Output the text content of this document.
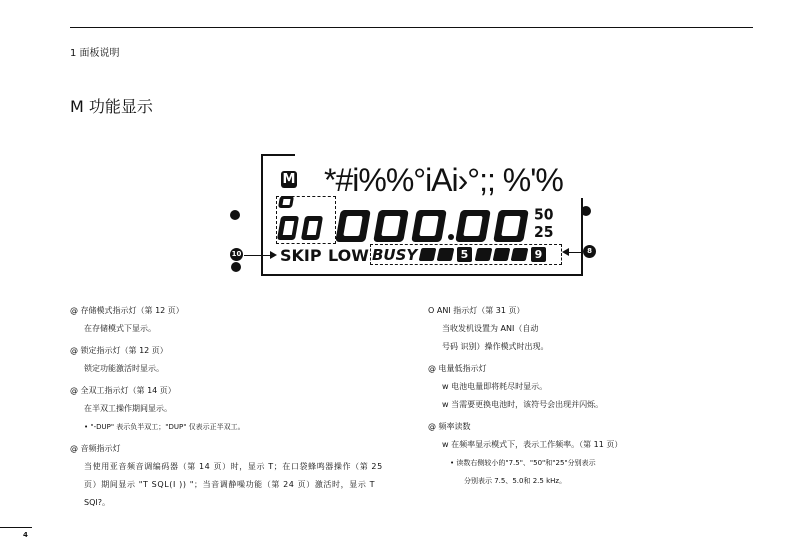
1 面板说明
M 功能显示
M *#i%%°iAi›°;; %'%
50
25
10 SKIP LOW BUSY	5	9	8

@ 存储模式指示灯（第 12 页）

在存储模式下显示。

@ 锁定指示灯（第 12 页）

锁定功能激活时显示。

@ 全双工指示灯（第 14 页）

在半双工操作期间显示。

• "-DUP" 表示负半双工；"DUP" 仅表示正半双工。

@ 音频指示灯

当使用亚音频音调编码器（第 14 页）时，显示 T；在口袋蜂鸣器操作（第 25

页）期间显示 "T SQL(I )) "；当音调静噪功能（第 24 页）激活时，显示 T

SQI?。

O ANI 指示灯（第 31 页）

当收发机设置为 ANI（自动

号码 识别）操作模式时出现。

@ 电量低指示灯

w 电池电量即将耗尽时显示。

w 当需要更换电池时，该符号会出现并闪烁。

@ 频率读数

w 在频率显示模式下，表示工作频率。（第 11 页）

• 读数右侧较小的"7.5"、"50"和"25"分别表示

分别表示 7.5、5.0和 2.5 kHz。

4
